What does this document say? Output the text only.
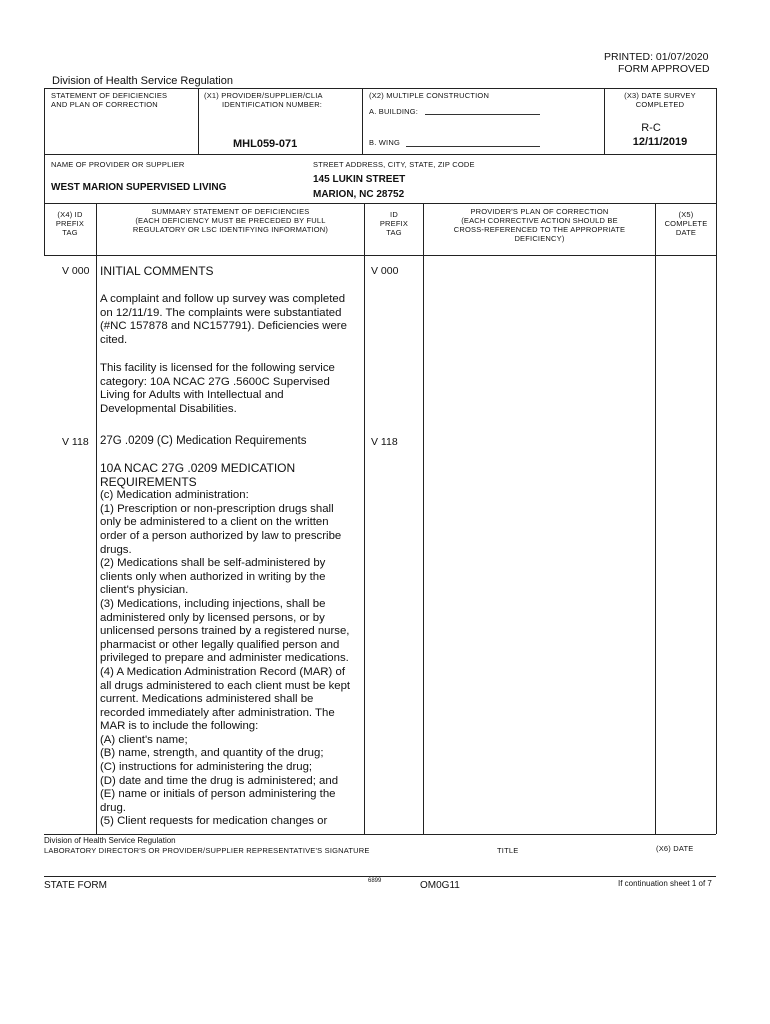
PRINTED: 01/07/2020
FORM APPROVED
Division of Health Service Regulation
STATEMENT OF DEFICIENCIES
AND PLAN OF CORRECTION
(X1) PROVIDER/SUPPLIER/CLIA
IDENTIFICATION NUMBER:
MHL059-071
(X2) MULTIPLE CONSTRUCTION
A. BUILDING:
B. WING
(X3) DATE SURVEY
COMPLETED
R-C
12/11/2019
NAME OF PROVIDER OR SUPPLIER
WEST MARION SUPERVISED LIVING
STREET ADDRESS, CITY, STATE, ZIP CODE
145 LUKIN STREET
MARION, NC 28752
(X4) ID
PREFIX
TAG
SUMMARY STATEMENT OF DEFICIENCIES
(EACH DEFICIENCY MUST BE PRECEDED BY FULL
REGULATORY OR LSC IDENTIFYING INFORMATION)
ID
PREFIX
TAG
PROVIDER'S PLAN OF CORRECTION
(EACH CORRECTIVE ACTION SHOULD BE
CROSS-REFERENCED TO THE APPROPRIATE
DEFICIENCY)
(X5)
COMPLETE
DATE
V 000 INITIAL COMMENTS	V 000
A complaint and follow up survey was completed
on 12/11/19. The complaints were substantiated
(#NC 157878 and NC157791). Deficiencies were
cited.
This facility is licensed for the following service
category: 10A NCAC 27G .5600C Supervised
Living for Adults with Intellectual and
Developmental Disabilities.
V 118 27G .0209 (C) Medication Requirements	V 118
10A NCAC 27G .0209 MEDICATION
REQUIREMENTS
(c) Medication administration:
(1) Prescription or non-prescription drugs shall
only be administered to a client on the written
order of a person authorized by law to prescribe
drugs.
(2) Medications shall be self-administered by
clients only when authorized in writing by the
client's physician.
(3) Medications, including injections, shall be
administered only by licensed persons, or by
unlicensed persons trained by a registered nurse,
pharmacist or other legally qualified person and
privileged to prepare and administer medications.
(4) A Medication Administration Record (MAR) of
all drugs administered to each client must be kept
current. Medications administered shall be
recorded immediately after administration. The
MAR is to include the following:
(A) client's name;
(B) name, strength, and quantity of the drug;
(C) instructions for administering the drug;
(D) date and time the drug is administered; and
(E) name or initials of person administering the
drug.
(5) Client requests for medication changes or
Division of Health Service Regulation
LABORATORY DIRECTOR'S OR PROVIDER/SUPPLIER REPRESENTATIVE'S SIGNATURE	TITLE	(X6) DATE
STATE FORM	6899	OM0G11	If continuation sheet 1 of 7
